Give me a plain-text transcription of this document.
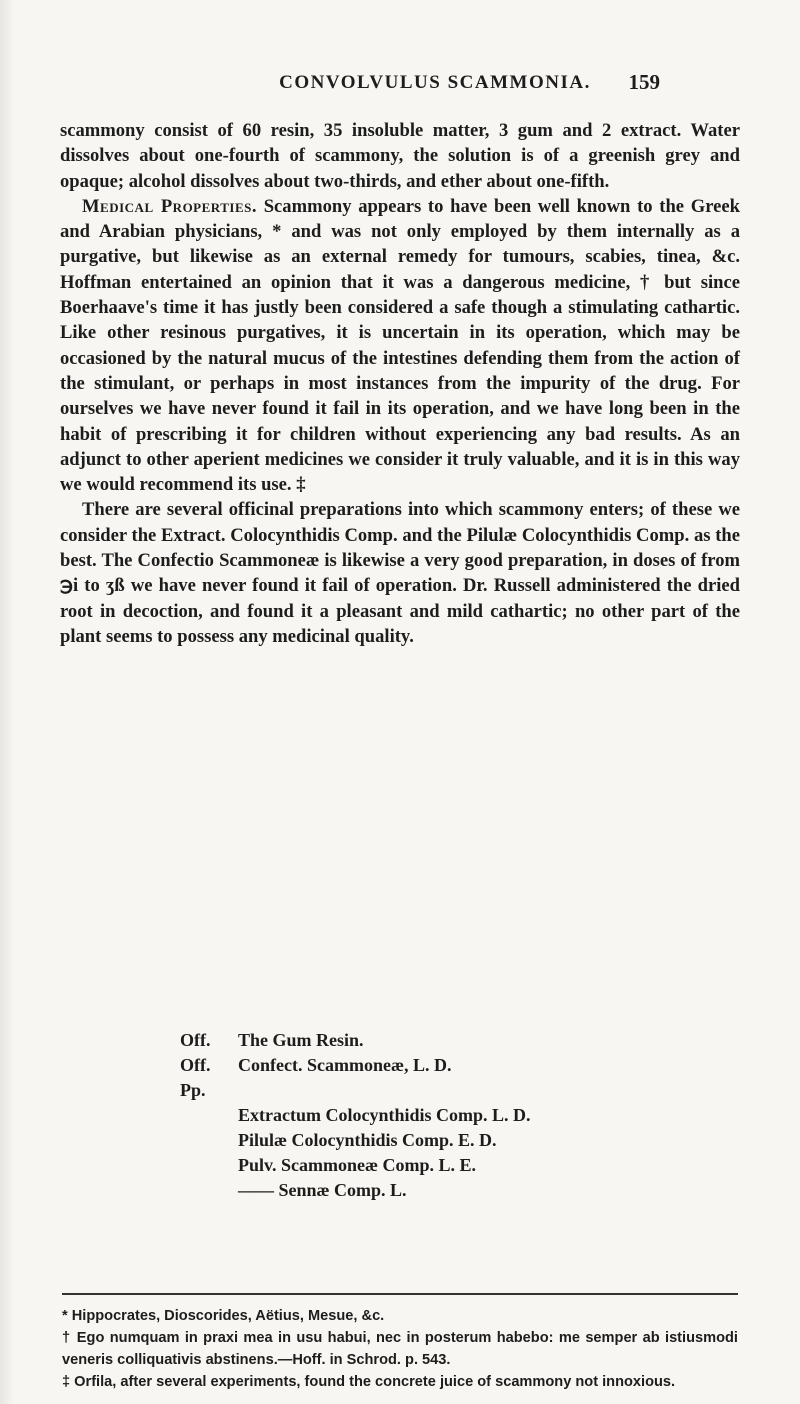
CONVOLVULUS SCAMMONIA.	159

scammony consist of 60 resin, 35 insoluble matter, 3 gum and 2 extract. Water dissolves about one-fourth of scammony, the solution is of a greenish grey and opaque; alcohol dissolves about two-thirds, and ether about one-fifth.

Medical Properties. Scammony appears to have been well known to the Greek and Arabian physicians, * and was not only employed by them internally as a purgative, but likewise as an external remedy for tumours, scabies, tinea, &c. Hoffman entertained an opinion that it was a dangerous medicine, † but since Boerhaave's time it has justly been considered a safe though a stimulating cathartic. Like other resinous purgatives, it is uncertain in its operation, which may be occasioned by the natural mucus of the intestines defending them from the action of the stimulant, or perhaps in most instances from the impurity of the drug. For ourselves we have never found it fail in its operation, and we have long been in the habit of prescribing it for children without experiencing any bad results. As an adjunct to other aperient medicines we consider it truly valuable, and it is in this way we would recommend its use. ‡

There are several officinal preparations into which scammony enters; of these we consider the Extract. Colocynthidis Comp. and the Pilulæ Colocynthidis Comp. as the best. The Confectio Scammoneæ is likewise a very good preparation, in doses of from ℈i to ʒß we have never found it fail of operation. Dr. Russell administered the dried root in decoction, and found it a pleasant and mild cathartic; no other part of the plant seems to possess any medicinal quality.

Off.	The Gum Resin.
Off. Pp.
Confect. Scammoneæ, L. D.
Extractum Colocynthidis Comp. L. D.
Pilulæ Colocynthidis Comp. E. D.
Pulv. Scammoneæ Comp. L. E.
—— Sennæ Comp. L.

* Hippocrates, Dioscorides, Aëtius, Mesue, &c.

† Ego numquam in praxi mea in usu habui, nec in posterum habebo: me semper ab istiusmodi veneris colliquativis abstinens.—Hoff. in Schrod. p. 543.

‡ Orfila, after several experiments, found the concrete juice of scammony not innoxious.
